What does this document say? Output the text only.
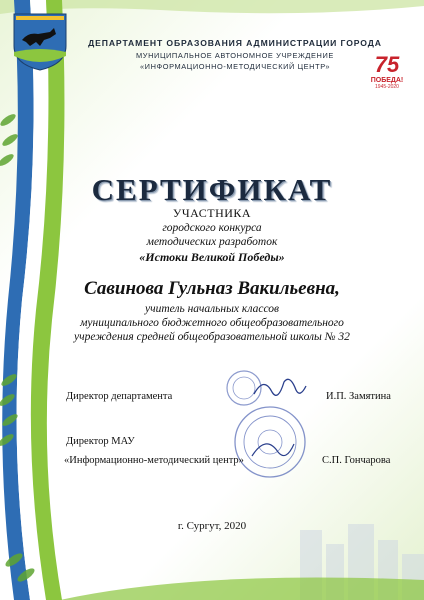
ДЕПАРТАМЕНТ ОБРАЗОВАНИЯ АДМИНИСТРАЦИИ ГОРОДА
МУНИЦИПАЛЬНОЕ АВТОНОМНОЕ УЧРЕЖДЕНИЕ
«ИНФОРМАЦИОННО-МЕТОДИЧЕСКИЙ ЦЕНТР»	75
ПОБЕДА!
1945-2020
СЕРТИФИКАТ
УЧАСТНИКА
городского конкурса
методических разработок
«Истоки Великой Победы»
Савинова Гульназ Вакильевна,
учитель начальных классов
муниципального бюджетного общеобразовательного
учреждения средней общеобразовательной школы № 32
Директор департамента	И.П. Замятина
Директор МАУ
«Информационно-методический центр»	С.П. Гончарова
г. Сургут, 2020
